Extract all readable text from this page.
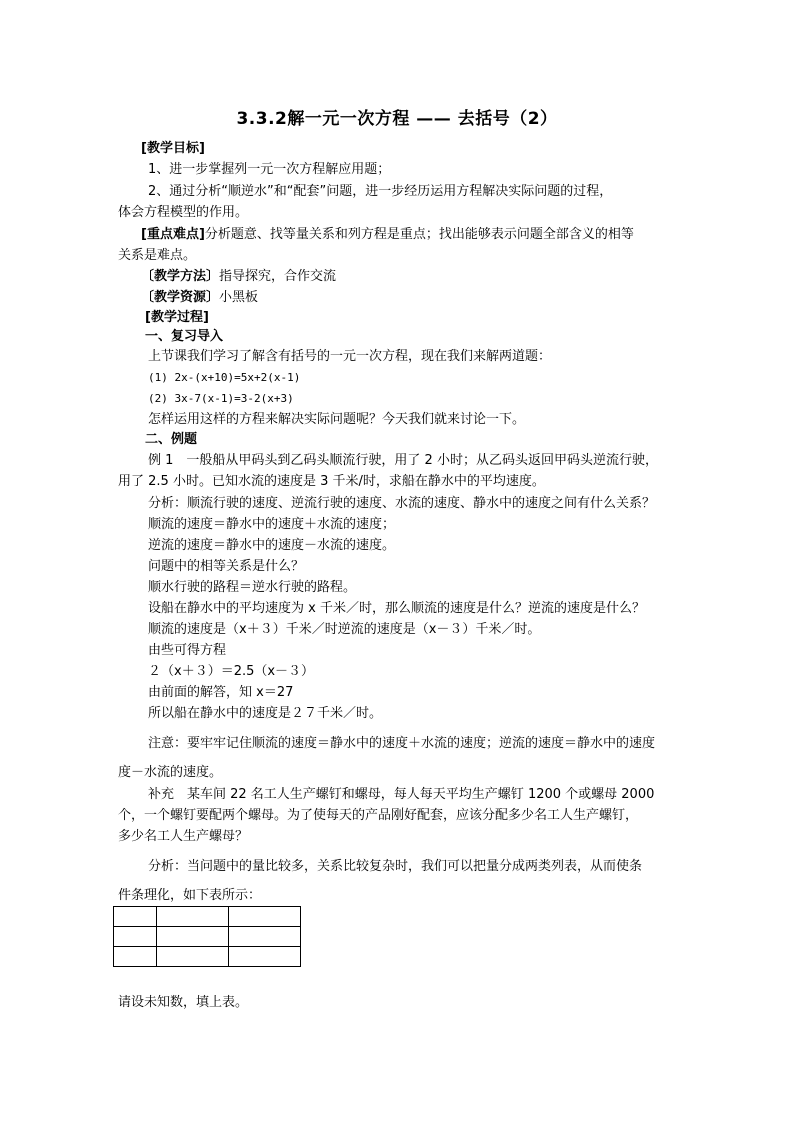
3.3.2解一元一次方程 —— 去括号（2）
[教学目标]
1、进一步掌握列一元一次方程解应用题；
2、通过分析“顺逆水”和“配套”问题，进一步经历运用方程解决实际问题的过程，
体会方程模型的作用。
[重点难点]分析题意、找等量关系和列方程是重点；找出能够表示问题全部含义的相等
关系是难点。
〔教学方法〕指导探究，合作交流
〔教学资源〕小黑板
[教学过程]
一、复习导入
上节课我们学习了解含有括号的一元一次方程，现在我们来解两道题：
(1) 2x-(x+10)=5x+2(x-1)
(2) 3x-7(x-1)=3-2(x+3)
怎样运用这样的方程来解决实际问题呢？今天我们就来讨论一下。
二、例题
例 1　一般船从甲码头到乙码头顺流行驶，用了 2 小时；从乙码头返回甲码头逆流行驶，
用了 2.5 小时。已知水流的速度是 3 千米/时，求船在静水中的平均速度。
分析：顺流行驶的速度、逆流行驶的速度、水流的速度、静水中的速度之间有什么关系？
顺流的速度＝静水中的速度＋水流的速度；
逆流的速度＝静水中的速度－水流的速度。
问题中的相等关系是什么？
顺水行驶的路程＝逆水行驶的路程。
设船在静水中的平均速度为 x 千米／时，那么顺流的速度是什么？逆流的速度是什么？
顺流的速度是（x＋３）千米／时逆流的速度是（x－３）千米／时。
由些可得方程
２（x＋３）＝2.5（x－３）
由前面的解答，知 x＝27
所以船在静水中的速度是２７千米／时。
注意：要牢牢记住顺流的速度＝静水中的速度＋水流的速度；逆流的速度＝静水中的速度
度－水流的速度。
补充　某车间 22 名工人生产螺钉和螺母，每人每天平均生产螺钉 1200 个或螺母 2000
个，一个螺钉要配两个螺母。为了使每天的产品刚好配套，应该分配多少名工人生产螺钉，
多少名工人生产螺母？
分析：当问题中的量比较多，关系比较复杂时，我们可以把量分成两类列表，从而使条
件条理化，如下表所示：

请设未知数，填上表。
